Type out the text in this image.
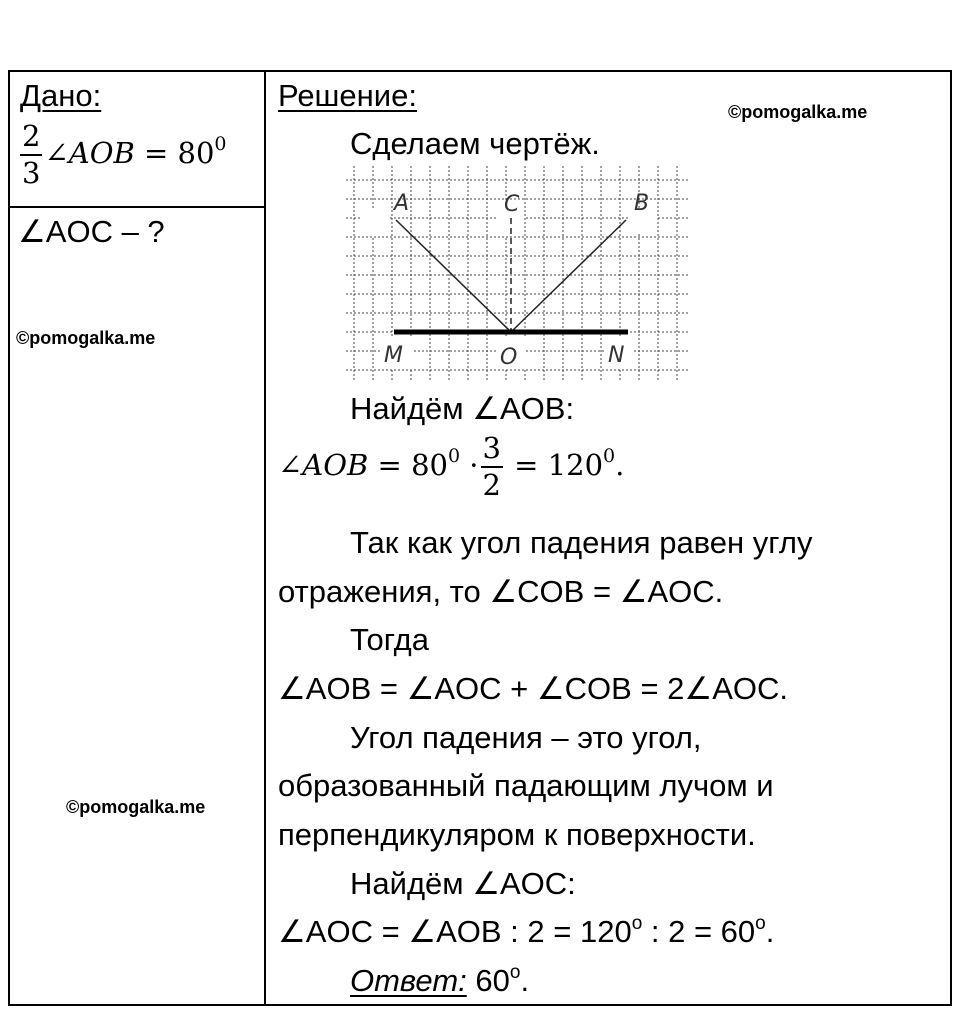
Дано:
$\frac{2}{3}$ ∠AOB = $80^0$
∠AOC – ?
©pomogalka.me
©pomogalka.me
Решение:	©pomogalka.me
Сделаем чертёж.
A	C	B
M	O	N
Найдём ∠AOB:
∠AOB = $80^0 \cdot \frac{3}{2} = 120^0$.
Так как угол падения равен углу
отражения, то ∠COB = ∠AOC.
Тогда
∠AOB = ∠AOC + ∠COB = 2∠AOC.
Угол падения – это угол,
образованный падающим лучом и
перпендикуляром к поверхности.
Найдём ∠AOC:
∠AOC = ∠AOB : $2 = 120^o$ : $2 = 60^o$.
Ответ: 60$^o$.
